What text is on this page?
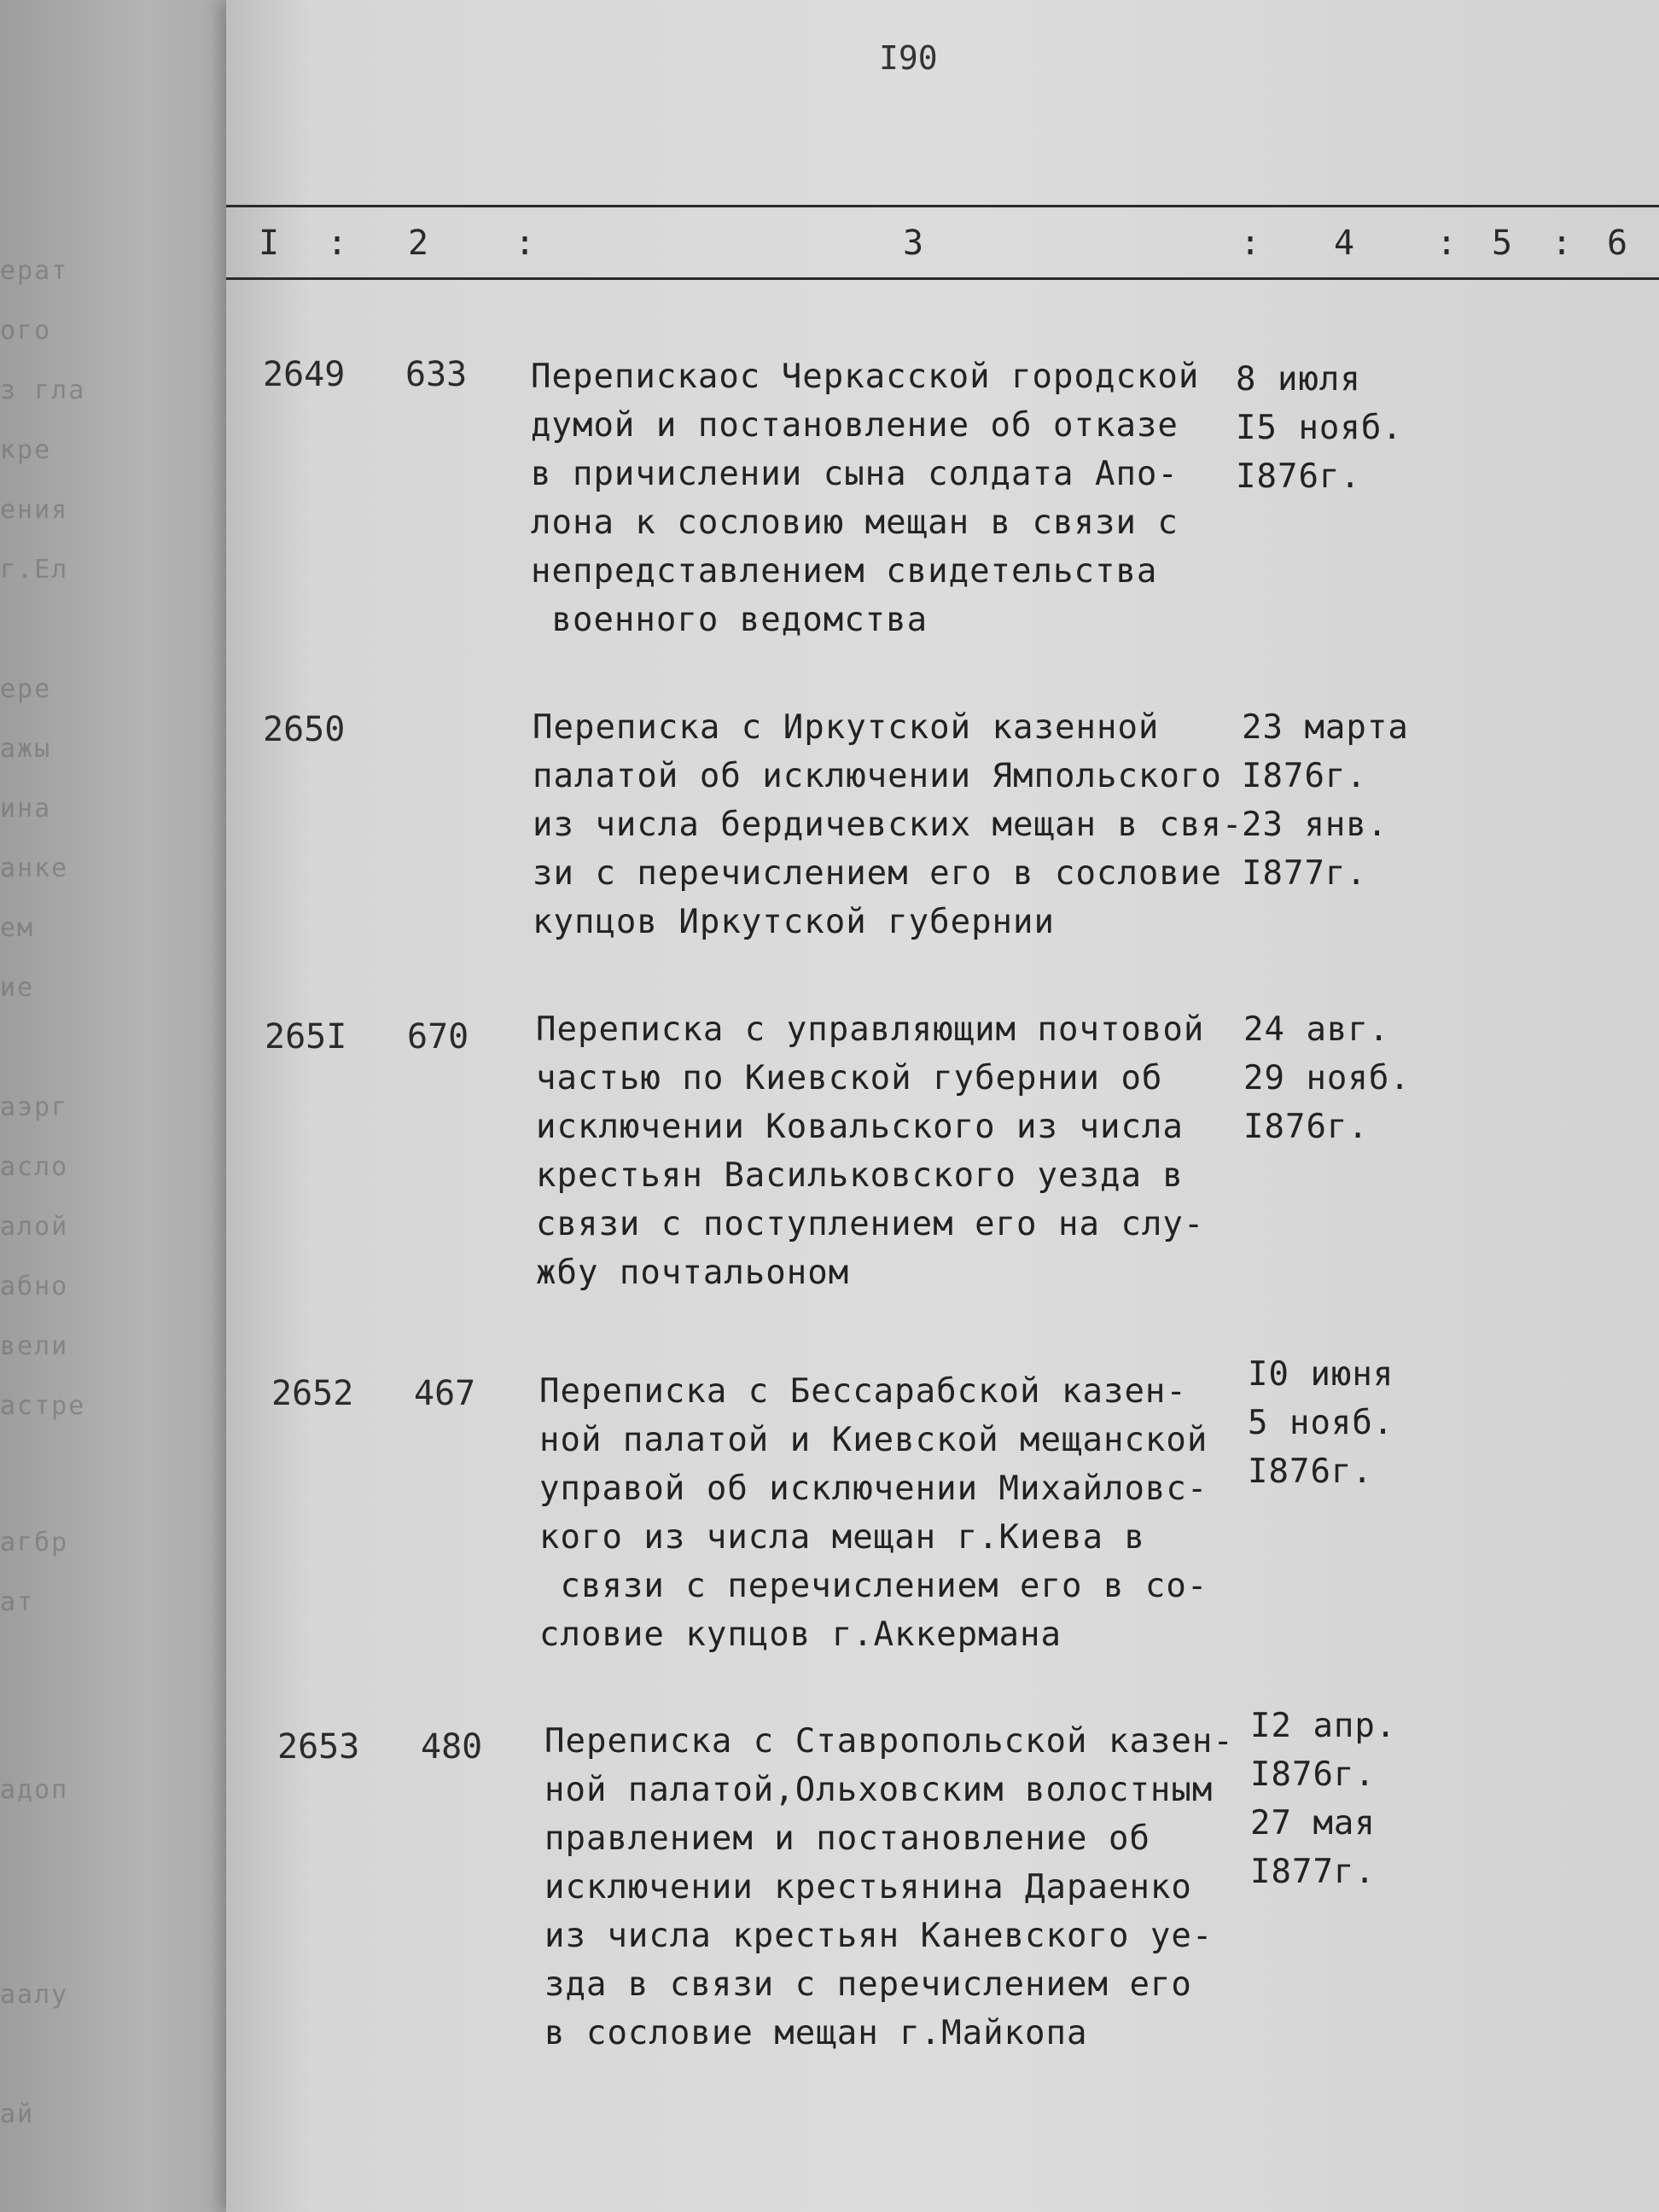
ерат
ого
з гла
кре
ения
г.Ел
ере
ажы
ина
анке
ем
ие
аэрг
асло
алой
абно
вели
астре
агбр
ат
адоп
аалу
ай
I90
I : 2	:	3	: 4 : 5 : 6
2649 633 Перепискаос Черкасской городской
думой и постановление об отказе
в причислении сына солдата Апо-
лона к сословию мещан в связи с
непредставлением свидетельства
военного ведомства
8 июля
I5 нояб.
I876г.
2650	Переписка с Иркутской казенной
палатой об исключении Ямпольского
из числа бердичевских мещан в свя-
зи с перечислением его в сословие
купцов Иркутской губернии
23 марта
I876г.
23 янв.
I877г.
265I 670 Переписка с управляющим почтовой
частью по Киевской губернии об
исключении Ковальского из числа
крестьян Васильковского уезда в
связи с поступлением его на слу-
жбу почтальоном
24 авг.
29 нояб.
I876г.
2652 467 Переписка с Бессарабской казен-
ной палатой и Киевской мещанской
управой об исключении Михайловс-
кого из числа мещан г.Киева в
связи с перечислением его в со-
словие купцов г.Аккермана
I0 июня
5 нояб.
I876г.
2653 480 Переписка с Ставропольской казен-
ной палатой,Ольховским волостным
правлением и постановление об
исключении крестьянина Дараенко
из числа крестьян Каневского уе-
зда в связи с перечислением его
в сословие мещан г.Майкопа
I2 апр.
I876г.
27 мая
I877г.
